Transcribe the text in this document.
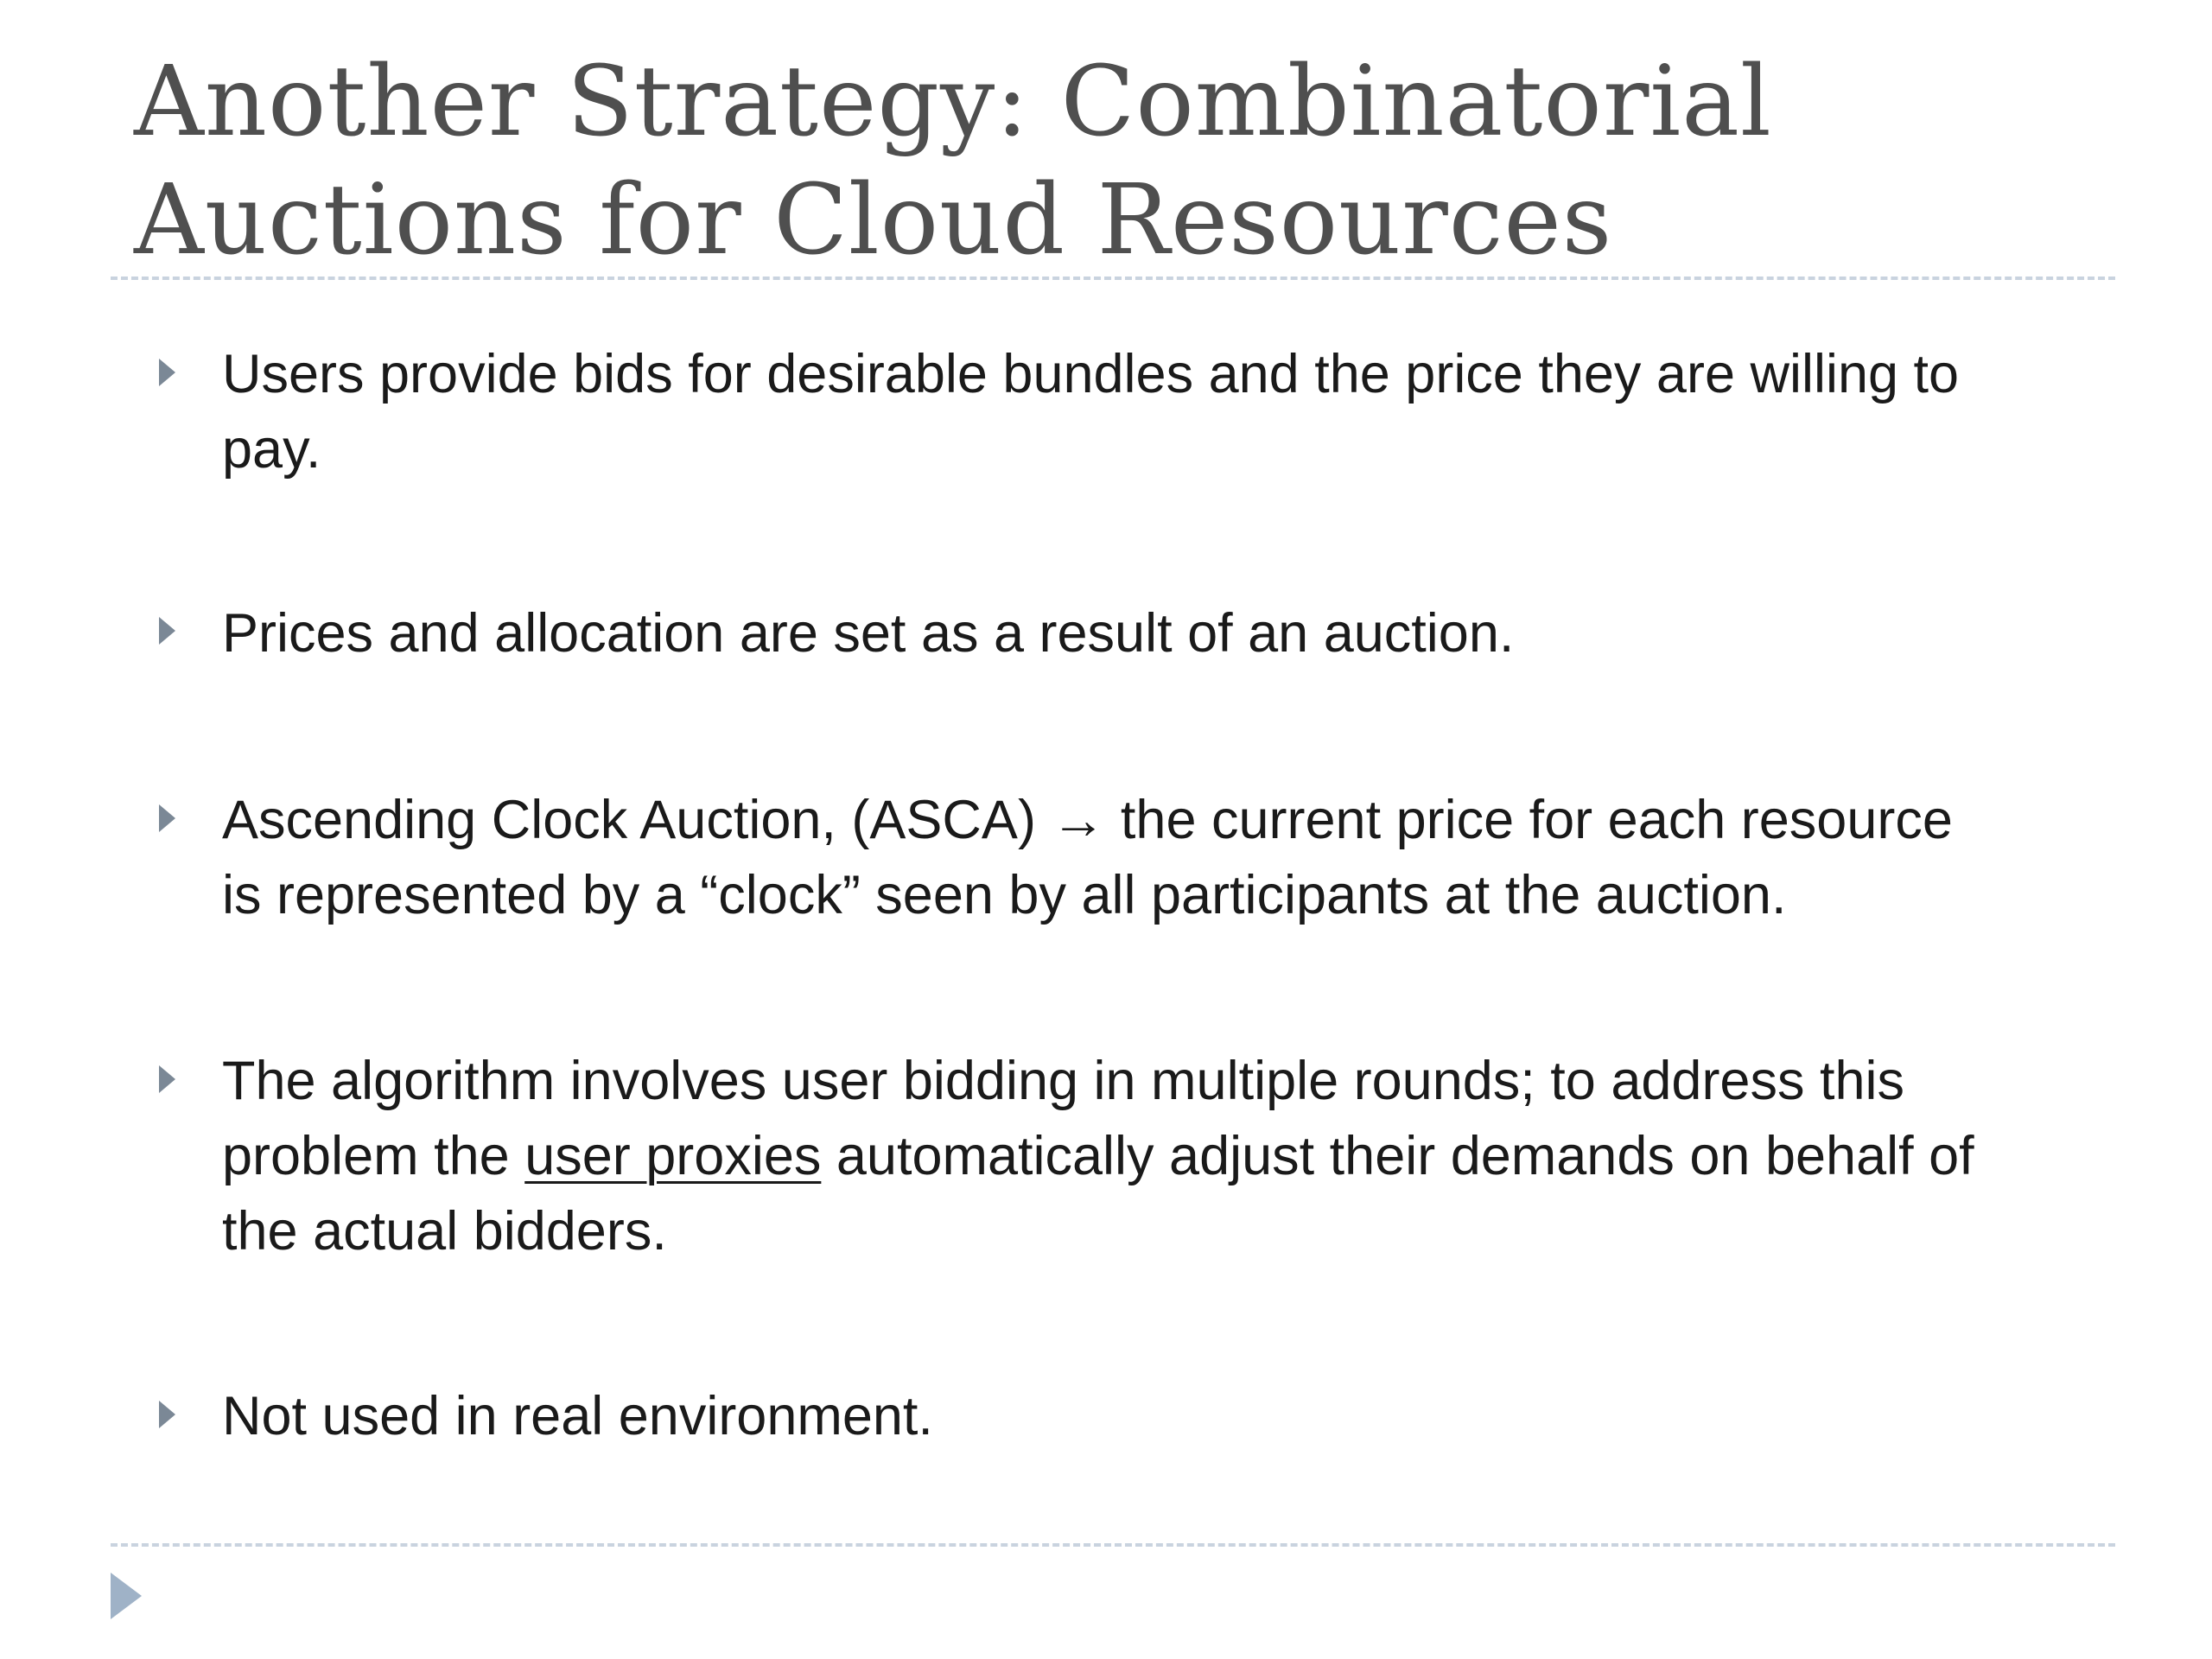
Another Strategy: Combinatorial
Auctions for Cloud Resources
Users provide bids for desirable bundles and the price they are willing to
pay.
Prices and allocation are set as a result of an auction.
Ascending Clock Auction, (ASCA) → the current price for each resource
is represented by a “clock” seen by all participants at the auction.
The algorithm involves user bidding in multiple rounds; to address this
problem the user proxies automatically adjust their demands on behalf of
the actual bidders.
Not used in real environment.
